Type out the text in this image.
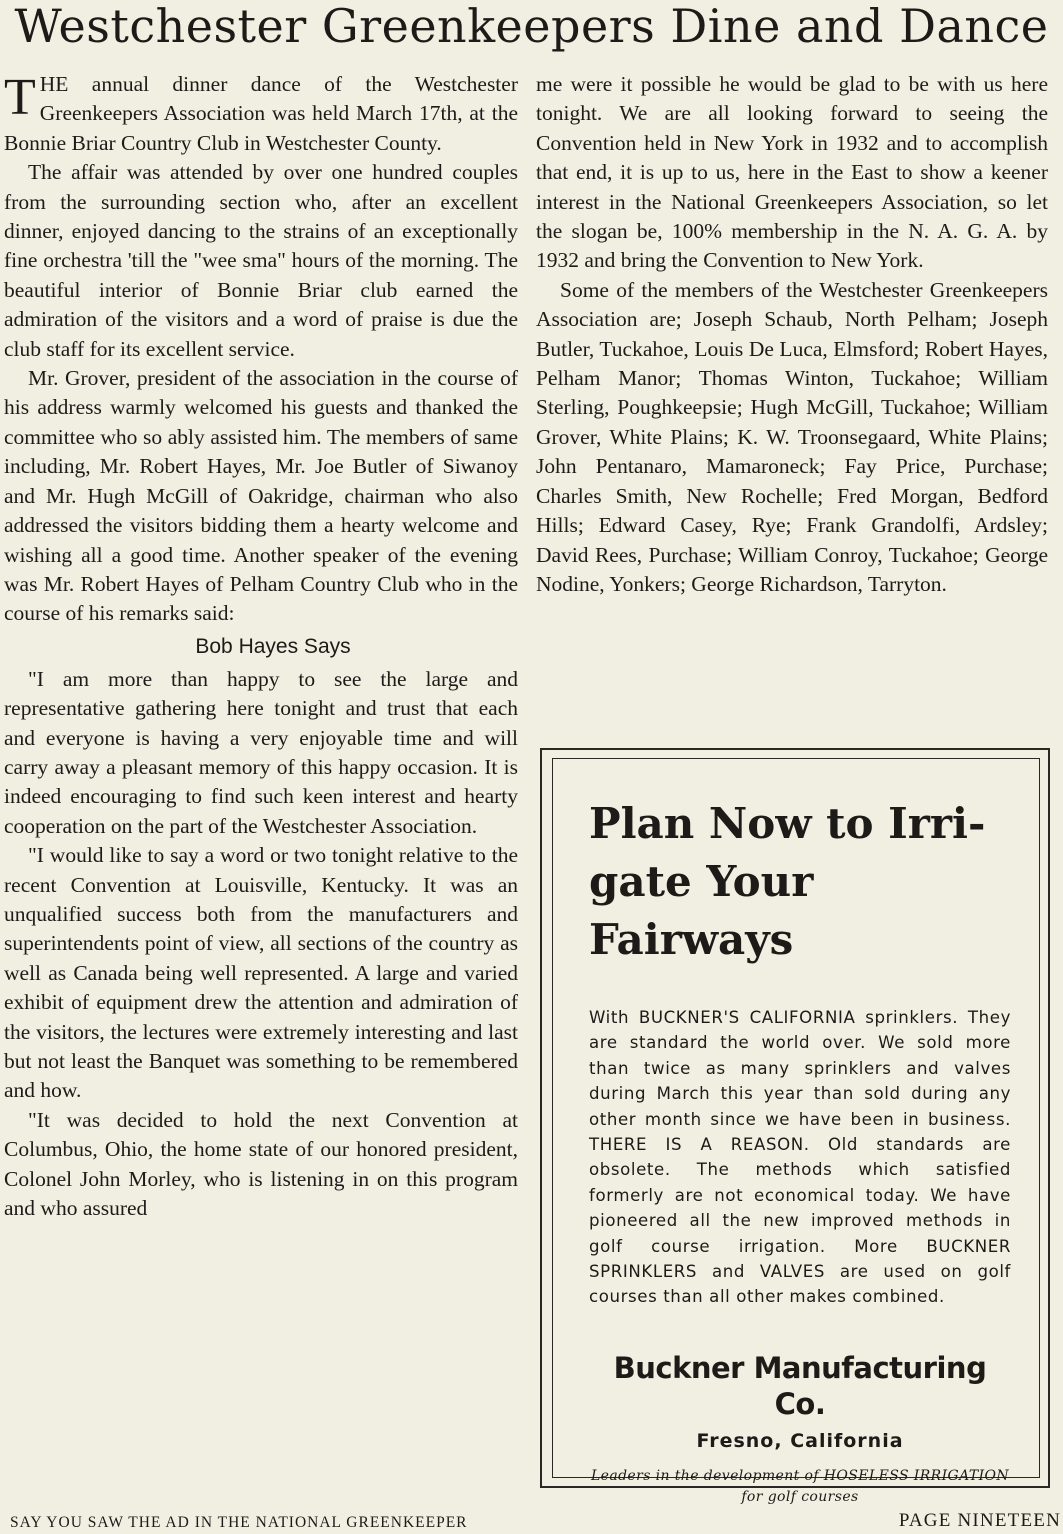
Westchester Greenkeepers Dine and Dance

THE annual dinner dance of the Westchester Greenkeepers Association was held March 17th, at the Bonnie Briar Country Club in Westchester County.

The affair was attended by over one hundred couples from the surrounding section who, after an excellent dinner, enjoyed dancing to the strains of an exceptionally fine orchestra 'till the "wee sma" hours of the morning. The beautiful interior of Bonnie Briar club earned the admiration of the visitors and a word of praise is due the club staff for its excellent service.

Mr. Grover, president of the association in the course of his address warmly welcomed his guests and thanked the committee who so ably assisted him. The members of same including, Mr. Robert Hayes, Mr. Joe Butler of Siwanoy and Mr. Hugh McGill of Oakridge, chairman who also addressed the visitors bidding them a hearty welcome and wishing all a good time. Another speaker of the evening was Mr. Robert Hayes of Pelham Country Club who in the course of his remarks said:

Bob Hayes Says

"I am more than happy to see the large and representative gathering here tonight and trust that each and everyone is having a very enjoyable time and will carry away a pleasant memory of this happy occasion. It is indeed encouraging to find such keen interest and hearty cooperation on the part of the Westchester Association.

"I would like to say a word or two tonight relative to the recent Convention at Louisville, Kentucky. It was an unqualified success both from the manufacturers and superintendents point of view, all sections of the country as well as Canada being well represented. A large and varied exhibit of equipment drew the attention and admiration of the visitors, the lectures were extremely interesting and last but not least the Banquet was something to be remembered and how.

"It was decided to hold the next Convention at Columbus, Ohio, the home state of our honored president, Colonel John Morley, who is listening in on this program and who assured

me were it possible he would be glad to be with us here tonight. We are all looking forward to seeing the Convention held in New York in 1932 and to accomplish that end, it is up to us, here in the East to show a keener interest in the National Greenkeepers Association, so let the slogan be, 100% membership in the N. A. G. A. by 1932 and bring the Convention to New York.

Some of the members of the Westchester Greenkeepers Association are; Joseph Schaub, North Pelham; Joseph Butler, Tuckahoe, Louis De Luca, Elmsford; Robert Hayes, Pelham Manor; Thomas Winton, Tuckahoe; William Sterling, Poughkeepsie; Hugh McGill, Tuckahoe; William Grover, White Plains; K. W. Troonsegaard, White Plains; John Pentanaro, Mamaroneck; Fay Price, Purchase; Charles Smith, New Rochelle; Fred Morgan, Bedford Hills; Edward Casey, Rye; Frank Grandolfi, Ardsley; David Rees, Purchase; William Conroy, Tuckahoe; George Nodine, Yonkers; George Richardson, Tarryton.

Plan Now to Irri-
gate Your Fairways

With BUCKNER'S CALIFORNIA sprinklers. They are standard the world over. We sold more than twice as many sprinklers and valves during March this year than sold during any other month since we have been in business. THERE IS A REASON. Old standards are obsolete. The methods which satisfied formerly are not economical today. We have pioneered all the new improved methods in golf course irrigation. More BUCKNER SPRINKLERS and VALVES are used on golf courses than all other makes combined.

Buckner Manufacturing Co.
Fresno, California
Leaders in the development of HOSELESS IRRIGATION
for golf courses
SAY YOU SAW THE AD IN THE NATIONAL GREENKEEPER	PAGE NINETEEN
